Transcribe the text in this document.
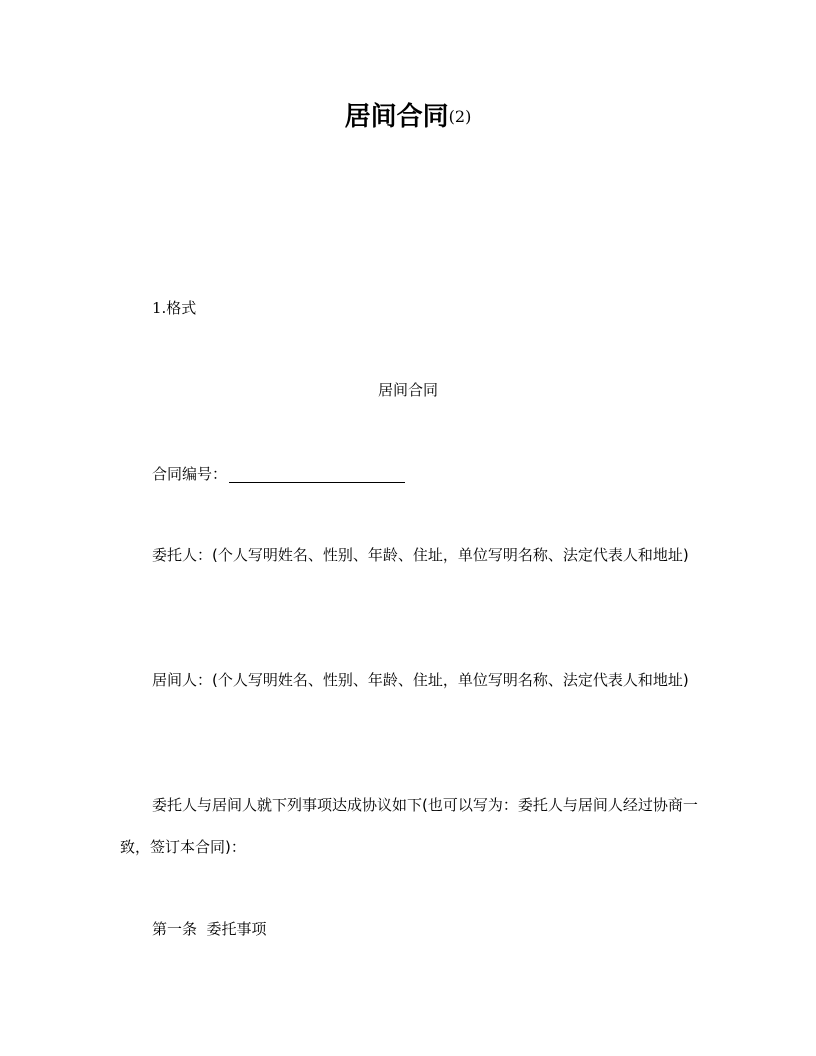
居间合同(2)

1.格式

居间合同

合同编号：

委托人：(个人写明姓名、性别、年龄、住址，单位写明名称、法定代表人和地址)

居间人：(个人写明姓名、性别、年龄、住址，单位写明名称、法定代表人和地址)

委托人与居间人就下列事项达成协议如下(也可以写为：委托人与居间人经过协商一致，签订本合同)：

第一条  委托事项
